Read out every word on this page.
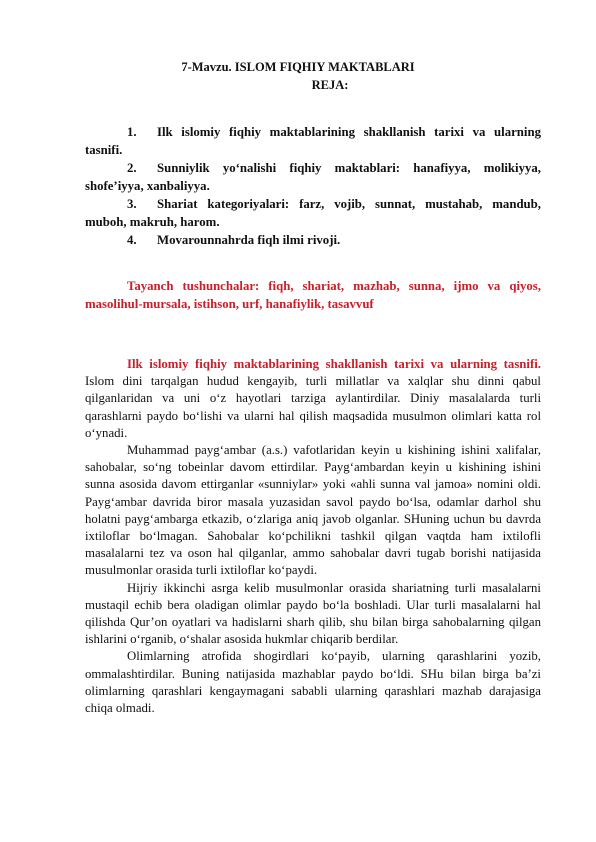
7-Mavzu. ISLOM FIQHIY MAKTABLARI
REJA:
1. Ilk islomiy fiqhiy maktablarining shakllanish tarixi va ularning tasnifi.
2. Sunniylik yo‘nalishi fiqhiy maktablari: hanafiyya, molikiyya, shofe’iyya, xanbaliyya.
3. Shariat kategoriyalari: farz, vojib, sunnat, mustahab, mandub, muboh, makruh, harom.
4. Movarounnahrda fiqh ilmi rivoji.
Tayanch tushunchalar: fiqh, shariat, mazhab, sunna, ijmo va qiyos, masolihul-mursala, istihson, urf, hanafiylik, tasavvuf

Ilk islomiy fiqhiy maktablarining shakllanish tarixi va ularning tasnifi. Islom dini tarqalgan hudud kengayib, turli millatlar va xalqlar shu dinni qabul qilganlaridan va uni o‘z hayotlari tarziga aylantirdilar. Diniy masalalarda turli qarashlarni paydo bo‘lishi va ularni hal qilish maqsadida musulmon olimlari katta rol o‘ynadi.

Muhammad payg‘ambar (a.s.) vafotlaridan keyin u kishining ishini xalifalar, sahobalar, so‘ng tobeinlar davom ettirdilar. Payg‘ambardan keyin u kishining ishini sunna asosida davom ettirganlar «sunniylar» yoki «ahli sunna val jamoa» nomini oldi. Payg‘ambar davrida biror masala yuzasidan savol paydo bo‘lsa, odamlar darhol shu holatni payg‘ambarga etkazib, o‘zlariga aniq javob olganlar. SHuning uchun bu davrda ixtiloflar bo‘lmagan. Sahobalar ko‘pchilikni tashkil qilgan vaqtda ham ixtilofli masalalarni tez va oson hal qilganlar, ammo sahobalar davri tugab borishi natijasida musulmonlar orasida turli ixtiloflar ko‘paydi.

Hijriy ikkinchi asrga kelib musulmonlar orasida shariatning turli masalalarni mustaqil echib bera oladigan olimlar paydo bo‘la boshladi. Ular turli masalalarni hal qilishda Qur’on oyatlari va hadislarni sharh qilib, shu bilan birga sahobalarning qilgan ishlarini o‘rganib, o‘shalar asosida hukmlar chiqarib berdilar.

Olimlarning atrofida shogirdlari ko‘payib, ularning qarashlarini yozib, ommalashtirdilar. Buning natijasida mazhablar paydo bo‘ldi. SHu bilan birga ba’zi olimlarning qarashlari kengaymagani sababli ularning qarashlari mazhab darajasiga chiqa olmadi.
